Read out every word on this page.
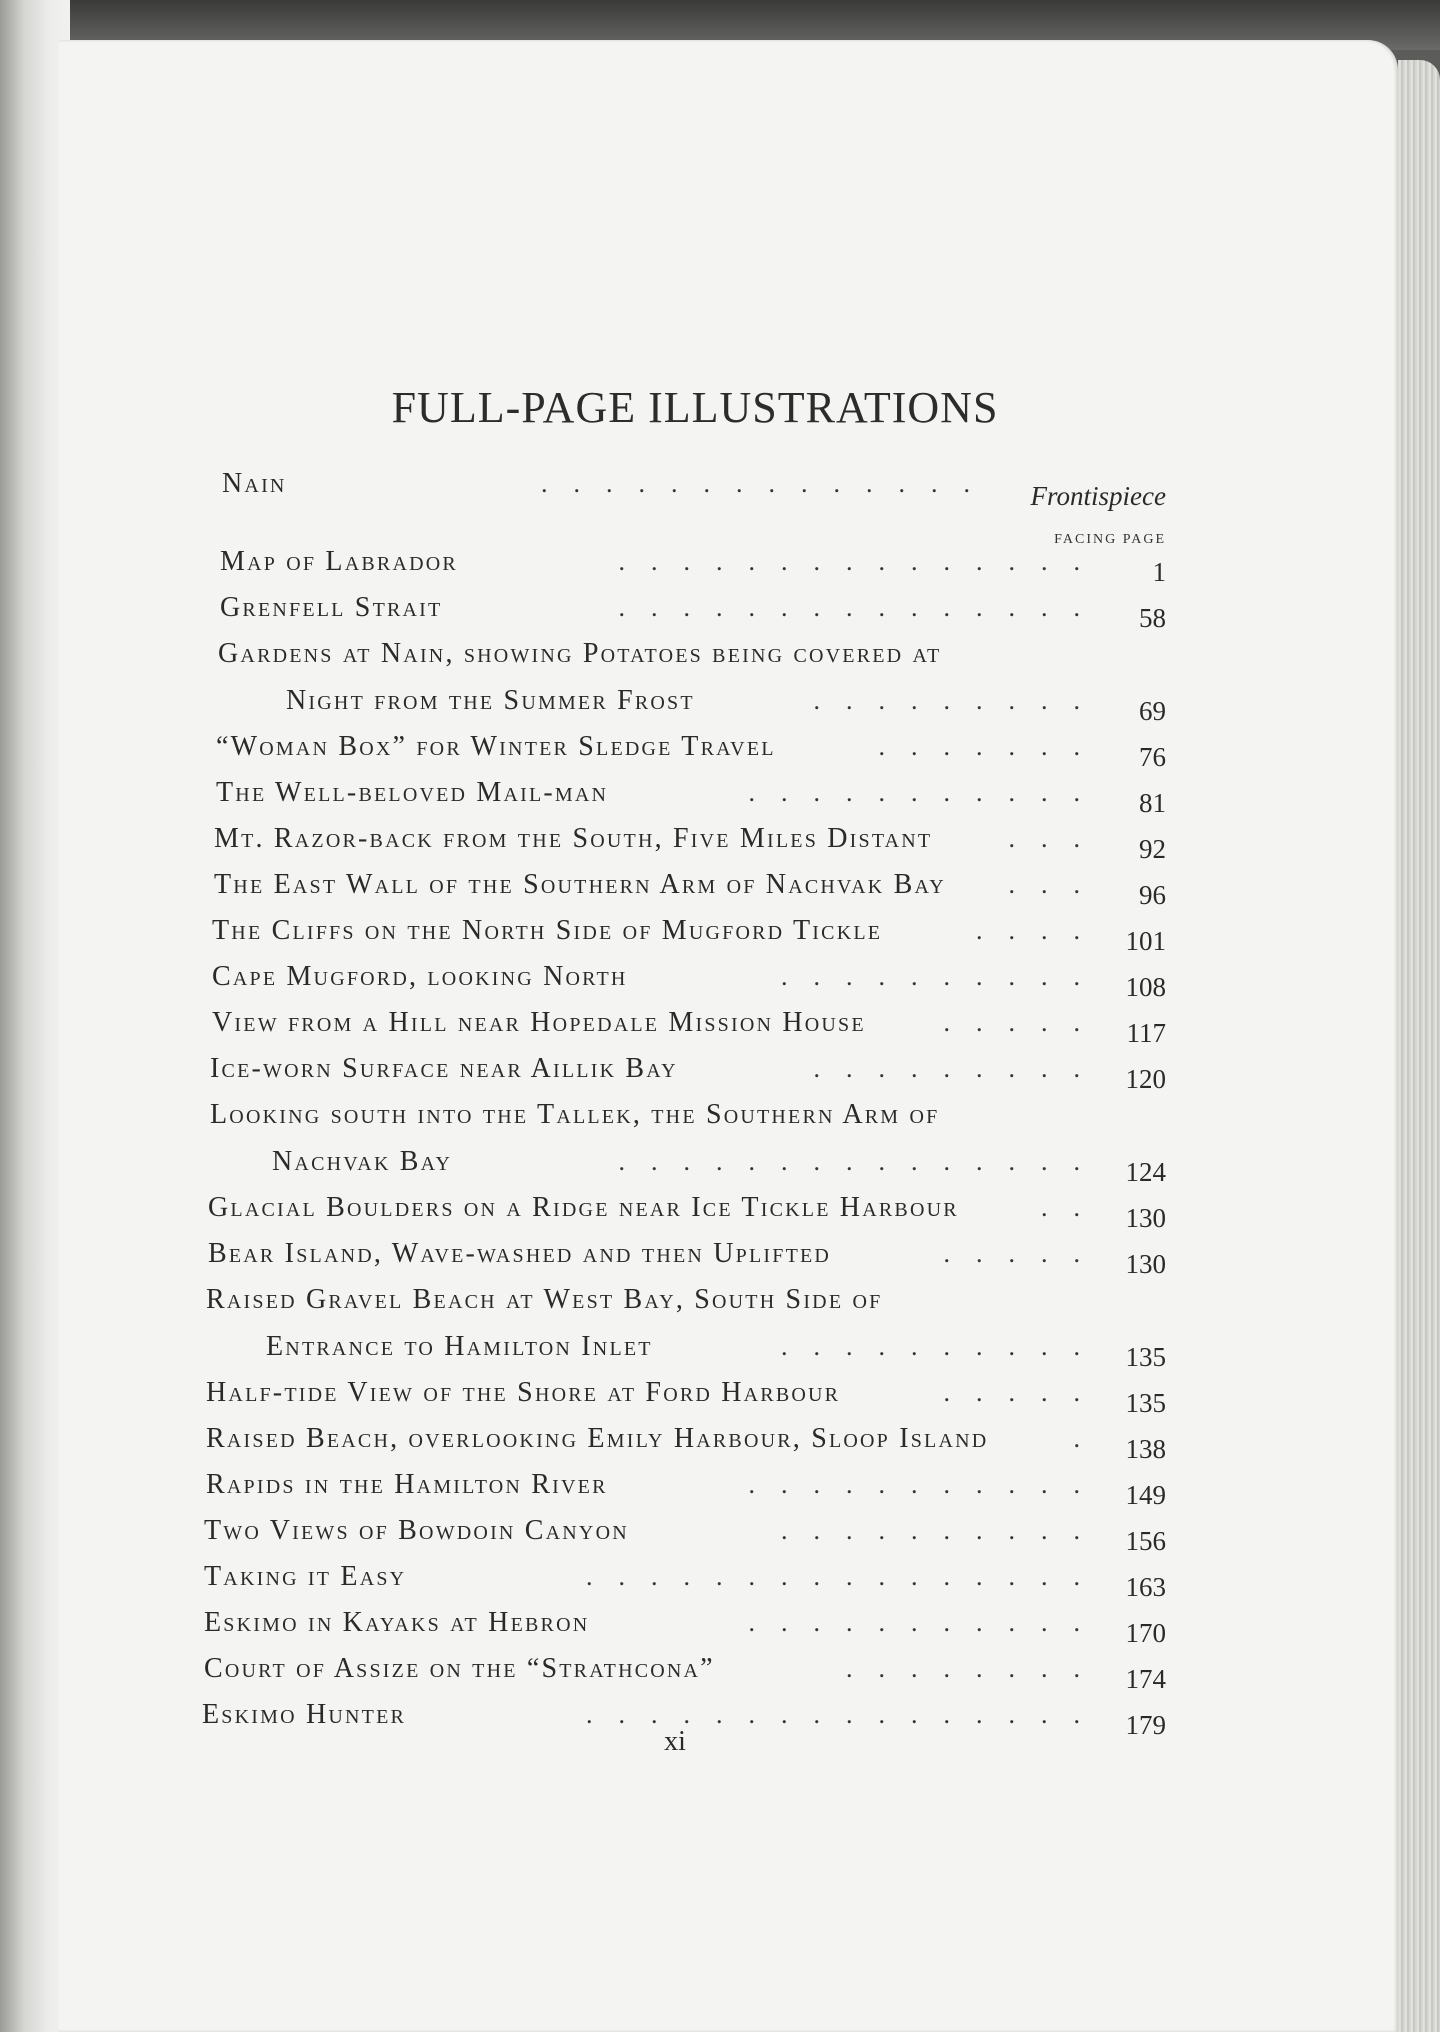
FULL-PAGE ILLUSTRATIONS
Nain	.    .    .    .    .    .    .    .    .    .    .    .    .    .	Frontispiece
FACING PAGE
Map of Labrador	.    .    .    .    .    .    .    .    .    .    .    .    .    .    .	1
Grenfell Strait	.    .    .    .    .    .    .    .    .    .    .    .    .    .    .	58
Gardens at Nain, showing Potatoes being covered at
Night from the Summer Frost	.    .    .    .    .    .    .    .    .	69
“Woman Box” for Winter Sledge Travel	.    .    .    .    .    .    .	76
The Well-beloved Mail-man	.    .    .    .    .    .    .    .    .    .    .	81
Mt. Razor-back from the South, Five Miles Distant	.    .    .	92
The East Wall of the Southern Arm of Nachvak Bay .    .    .	96
The Cliffs on the North Side of Mugford Tickle	.    .    .    .	101
Cape Mugford, looking North	.    .    .    .    .    .    .    .    .    .	108
View from a Hill near Hopedale Mission House	.    .    .    .    .	117
Ice-worn Surface near Aillik Bay	.    .    .    .    .    .    .    .    .	120
Looking south into the Tallek, the Southern Arm of
Nachvak Bay	.    .    .    .    .    .    .    .    .    .    .    .    .    .    .	124
Glacial Boulders on a Ridge near Ice Tickle Harbour	.    .	130
Bear Island, Wave-washed and then Uplifted	.    .    .    .    .	130
Raised Gravel Beach at West Bay, South Side of
Entrance to Hamilton Inlet	.    .    .    .    .    .    .    .    .    .	135
Half-tide View of the Shore at Ford Harbour	.    .    .    .    .	135
Raised Beach, overlooking Emily Harbour, Sloop Island	.	138
Rapids in the Hamilton River	.    .    .    .    .    .    .    .    .    .    .	149
Two Views of Bowdoin Canyon	.    .    .    .    .    .    .    .    .    .	156
Taking it Easy	.    .    .    .    .    .    .    .    .    .    .    .    .    .    .    .	163
Eskimo in Kayaks at Hebron	.    .    .    .    .    .    .    .    .    .    .	170
Court of Assize on the “Strathcona”	.    .    .    .    .    .    .    .	174
Eskimo Hunter	.    .    .    .    .    .    .    .    .    .    .    .    .    .    .    .	179
xi
